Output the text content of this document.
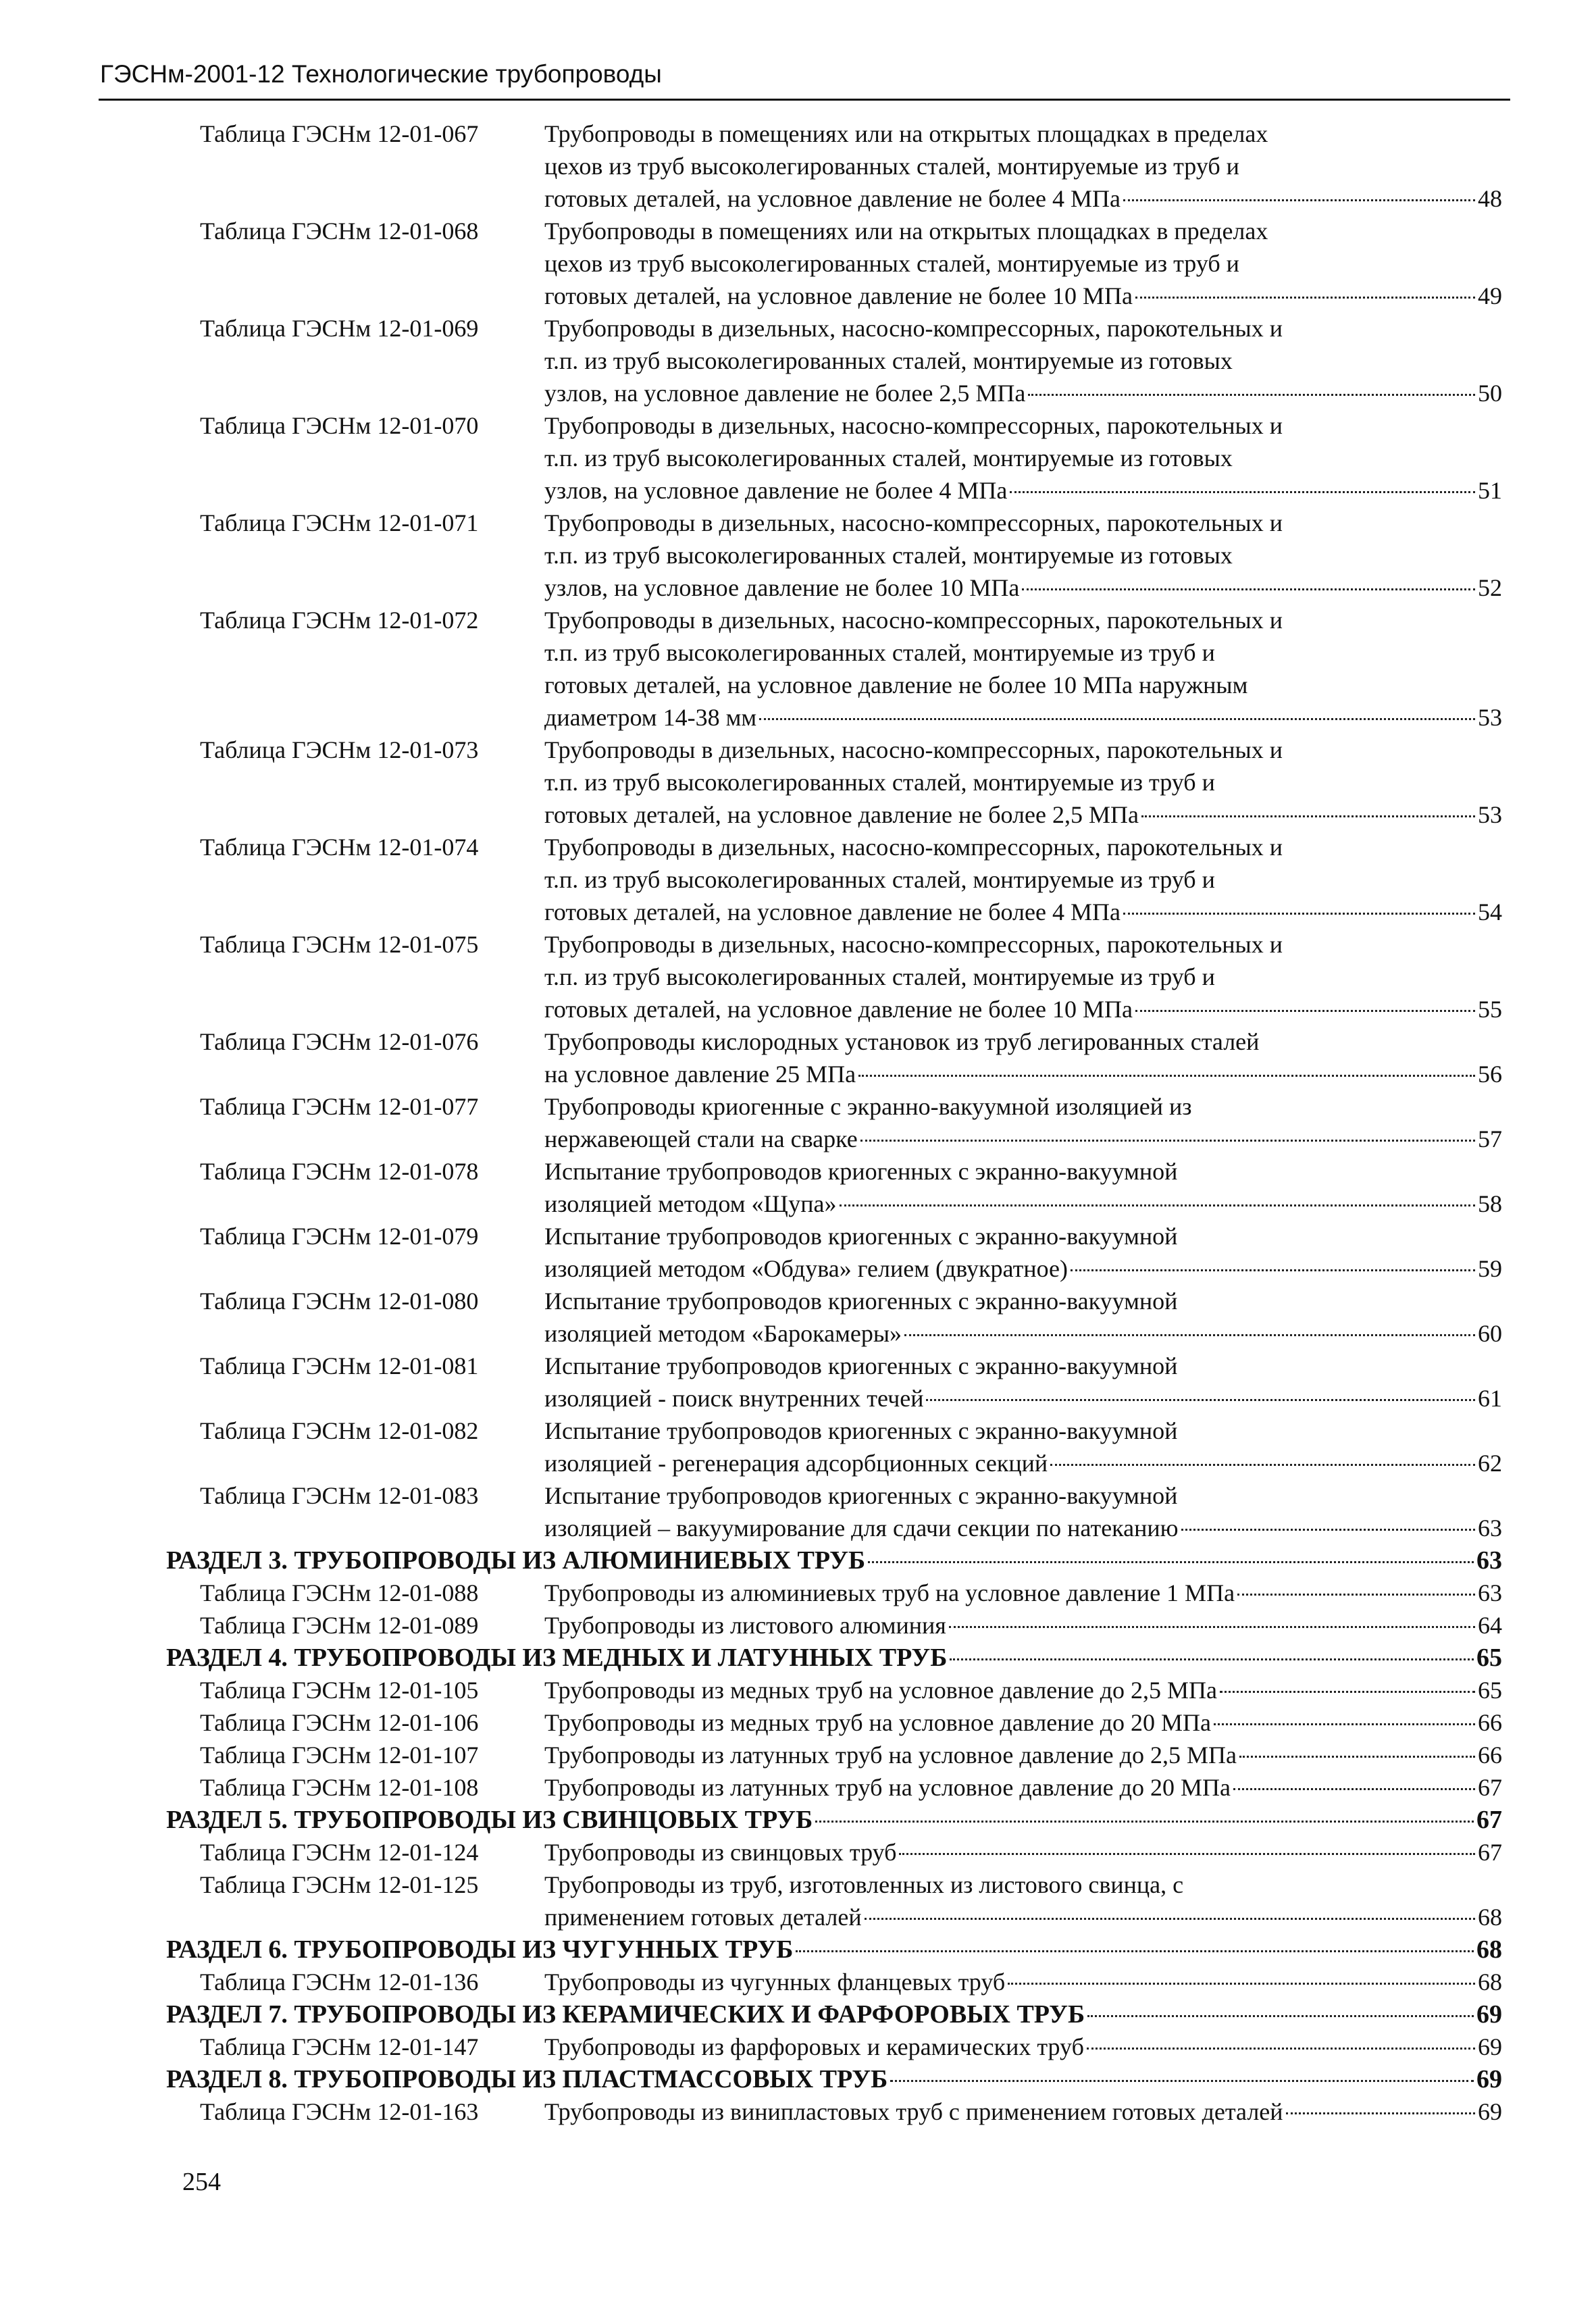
ГЭСНм-2001-12 Технологические трубопроводы
Таблица ГЭСНм 12-01-067	Трубопроводы в помещениях или на открытых площадках в пределах
цехов из труб высоколегированных сталей, монтируемые из труб и
готовых деталей, на условное давление не более 4 МПа	48
Таблица ГЭСНм 12-01-068	Трубопроводы в помещениях или на открытых площадках в пределах
цехов из труб высоколегированных сталей, монтируемые из труб и
готовых деталей, на условное давление не более 10 МПа	49
Таблица ГЭСНм 12-01-069	Трубопроводы в дизельных, насосно-компрессорных, парокотельных и
т.п. из труб высоколегированных сталей, монтируемые из готовых
узлов, на условное давление не более 2,5 МПа	50
Таблица ГЭСНм 12-01-070	Трубопроводы в дизельных, насосно-компрессорных, парокотельных и
т.п. из труб высоколегированных сталей, монтируемые из готовых
узлов, на условное давление не более 4 МПа	51
Таблица ГЭСНм 12-01-071	Трубопроводы в дизельных, насосно-компрессорных, парокотельных и
т.п. из труб высоколегированных сталей, монтируемые из готовых
узлов, на условное давление не более 10 МПа	52
Таблица ГЭСНм 12-01-072	Трубопроводы в дизельных, насосно-компрессорных, парокотельных и
т.п. из труб высоколегированных сталей, монтируемые из труб и
готовых деталей, на условное давление не более 10 МПа наружным
диаметром 14-38 мм	53
Таблица ГЭСНм 12-01-073	Трубопроводы в дизельных, насосно-компрессорных, парокотельных и
т.п. из труб высоколегированных сталей, монтируемые из труб и
готовых деталей, на условное давление не более 2,5 МПа	53
Таблица ГЭСНм 12-01-074	Трубопроводы в дизельных, насосно-компрессорных, парокотельных и
т.п. из труб высоколегированных сталей, монтируемые из труб и
готовых деталей, на условное давление не более 4 МПа	54
Таблица ГЭСНм 12-01-075	Трубопроводы в дизельных, насосно-компрессорных, парокотельных и
т.п. из труб высоколегированных сталей, монтируемые из труб и
готовых деталей, на условное давление не более 10 МПа	55
Таблица ГЭСНм 12-01-076	Трубопроводы кислородных установок из труб легированных сталей
на условное давление 25 МПа	56
Таблица ГЭСНм 12-01-077	Трубопроводы криогенные с экранно-вакуумной изоляцией из
нержавеющей стали на сварке	57
Таблица ГЭСНм 12-01-078	Испытание трубопроводов криогенных с экранно-вакуумной
изоляцией методом «Щупа»	58
Таблица ГЭСНм 12-01-079	Испытание трубопроводов криогенных с экранно-вакуумной
изоляцией методом «Обдува» гелием (двукратное)	59
Таблица ГЭСНм 12-01-080	Испытание трубопроводов криогенных с экранно-вакуумной
изоляцией методом «Барокамеры»	60
Таблица ГЭСНм 12-01-081	Испытание трубопроводов криогенных с экранно-вакуумной
изоляцией - поиск внутренних течей	61
Таблица ГЭСНм 12-01-082	Испытание трубопроводов криогенных с экранно-вакуумной
изоляцией - регенерация адсорбционных секций	62
Таблица ГЭСНм 12-01-083	Испытание трубопроводов криогенных с экранно-вакуумной
изоляцией – вакуумирование для сдачи секции по натеканию	63
РАЗДЕЛ 3. ТРУБОПРОВОДЫ ИЗ АЛЮМИНИЕВЫХ ТРУБ	63
Таблица ГЭСНм 12-01-088	Трубопроводы из алюминиевых труб на условное давление 1 МПа	63
Таблица ГЭСНм 12-01-089	Трубопроводы из листового алюминия	64
РАЗДЕЛ 4. ТРУБОПРОВОДЫ ИЗ МЕДНЫХ И ЛАТУННЫХ ТРУБ	65
Таблица ГЭСНм 12-01-105	Трубопроводы из медных труб на условное давление до 2,5 МПа	65
Таблица ГЭСНм 12-01-106	Трубопроводы из медных труб на условное давление до 20 МПа	66
Таблица ГЭСНм 12-01-107	Трубопроводы из латунных труб на условное давление до 2,5 МПа	66
Таблица ГЭСНм 12-01-108	Трубопроводы из латунных труб на условное давление до 20 МПа	67
РАЗДЕЛ 5. ТРУБОПРОВОДЫ ИЗ СВИНЦОВЫХ ТРУБ	67
Таблица ГЭСНм 12-01-124	Трубопроводы из свинцовых труб	67
Таблица ГЭСНм 12-01-125	Трубопроводы из труб, изготовленных из листового свинца, с
применением готовых деталей	68
РАЗДЕЛ 6. ТРУБОПРОВОДЫ ИЗ ЧУГУННЫХ ТРУБ	68
Таблица ГЭСНм 12-01-136	Трубопроводы из чугунных фланцевых труб	68
РАЗДЕЛ 7. ТРУБОПРОВОДЫ ИЗ КЕРАМИЧЕСКИХ И ФАРФОРОВЫХ ТРУБ	69
Таблица ГЭСНм 12-01-147	Трубопроводы из фарфоровых и керамических труб	69
РАЗДЕЛ 8. ТРУБОПРОВОДЫ ИЗ ПЛАСТМАССОВЫХ ТРУБ	69
Таблица ГЭСНм 12-01-163	Трубопроводы из винипластовых труб с применением готовых деталей	69
254
